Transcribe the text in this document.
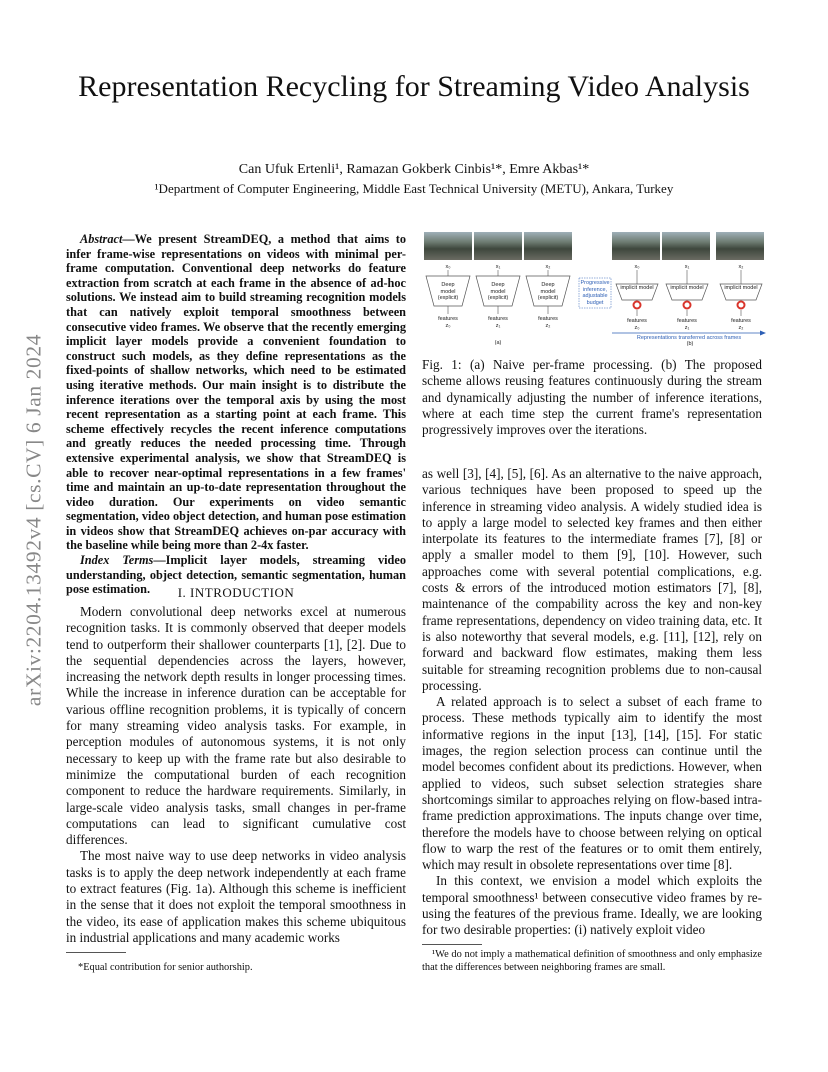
arXiv:2204.13492v4 [cs.CV] 6 Jan 2024
Representation Recycling for Streaming Video Analysis
Can Ufuk Ertenli¹, Ramazan Gokberk Cinbis¹*, Emre Akbas¹*
¹Department of Computer Engineering, Middle East Technical University (METU), Ankara, Turkey

Abstract—We present StreamDEQ, a method that aims to infer frame-wise representations on videos with minimal per-frame computation. Conventional deep networks do feature extraction from scratch at each frame in the absence of ad-hoc solutions. We instead aim to build streaming recognition models that can natively exploit temporal smoothness between consecutive video frames. We observe that the recently emerging implicit layer models provide a convenient foundation to construct such models, as they define representations as the fixed-points of shallow networks, which need to be estimated using iterative methods. Our main insight is to distribute the inference iterations over the temporal axis by using the most recent representation as a starting point at each frame. This scheme effectively recycles the recent inference computations and greatly reduces the needed processing time. Through extensive experimental analysis, we show that StreamDEQ is able to recover near-optimal representations in a few frames' time and maintain an up-to-date representation throughout the video duration. Our experiments on video semantic segmentation, video object detection, and human pose estimation in videos show that StreamDEQ achieves on-par accuracy with the baseline while being more than 2-4x faster.

Index Terms—Implicit layer models, streaming video understanding, object detection, semantic segmentation, human pose estimation.	I. INTRODUCTION

Modern convolutional deep networks excel at numerous recognition tasks. It is commonly observed that deeper models tend to outperform their shallower counterparts [1], [2]. Due to the sequential dependencies across the layers, however, increasing the network depth results in longer processing times. While the increase in inference duration can be acceptable for various offline recognition problems, it is typically of concern for many streaming video analysis tasks. For example, in perception modules of autonomous systems, it is not only necessary to keep up with the frame rate but also desirable to minimize the computational burden of each recognition component to reduce the hardware requirements. Similarly, in large-scale video analysis tasks, small changes in per-frame computations can lead to significant cumulative cost differences.

The most naive way to use deep networks in video analysis tasks is to apply the deep network independently at each frame to extract features (Fig. 1a). Although this scheme is inefficient in the sense that it does not exploit the temporal smoothness in the video, its ease of application makes this scheme ubiquitous in industrial applications and many academic works

*Equal contribution for senior authorship.
Deep model (explicit)
Deep model (explicit)
Deep model (explicit)
x₀	x₁	x₂
features	features	features
z₀	z₁	z₂
(a)
Progressive inference, adjustable budget
implicit model	implicit model	implicit model
x₀	x₁	x₂
features	features	features
z₀	z₁	z₂
Representations transferred across frames
(b)
Fig. 1: (a) Naive per-frame processing. (b) The proposed scheme allows reusing features continuously during the stream and dynamically adjusting the number of inference iterations, where at each time step the current frame's representation progressively improves over the iterations.

as well [3], [4], [5], [6]. As an alternative to the naive approach, various techniques have been proposed to speed up the inference in streaming video analysis. A widely studied idea is to apply a large model to selected key frames and then either interpolate its features to the intermediate frames [7], [8] or apply a smaller model to them [9], [10]. However, such approaches come with several potential complications, e.g. costs & errors of the introduced motion estimators [7], [8], maintenance of the compability across the key and non-key frame representations, dependency on video training data, etc. It is also noteworthy that several models, e.g. [11], [12], rely on forward and backward flow estimates, making them less suitable for streaming recognition problems due to non-causal processing.

A related approach is to select a subset of each frame to process. These methods typically aim to identify the most informative regions in the input [13], [14], [15]. For static images, the region selection process can continue until the model becomes confident about its predictions. However, when applied to videos, such subset selection strategies share shortcomings similar to approaches relying on flow-based intra-frame prediction approximations. The inputs change over time, therefore the models have to choose between relying on optical flow to warp the rest of the features or to omit them entirely, which may result in obsolete representations over time [8].

In this context, we envision a model which exploits the temporal smoothness¹ between consecutive video frames by re-using the features of the previous frame. Ideally, we are looking for two desirable properties: (i) natively exploit video

¹We do not imply a mathematical definition of smoothness and only emphasize that the differences between neighboring frames are small.
